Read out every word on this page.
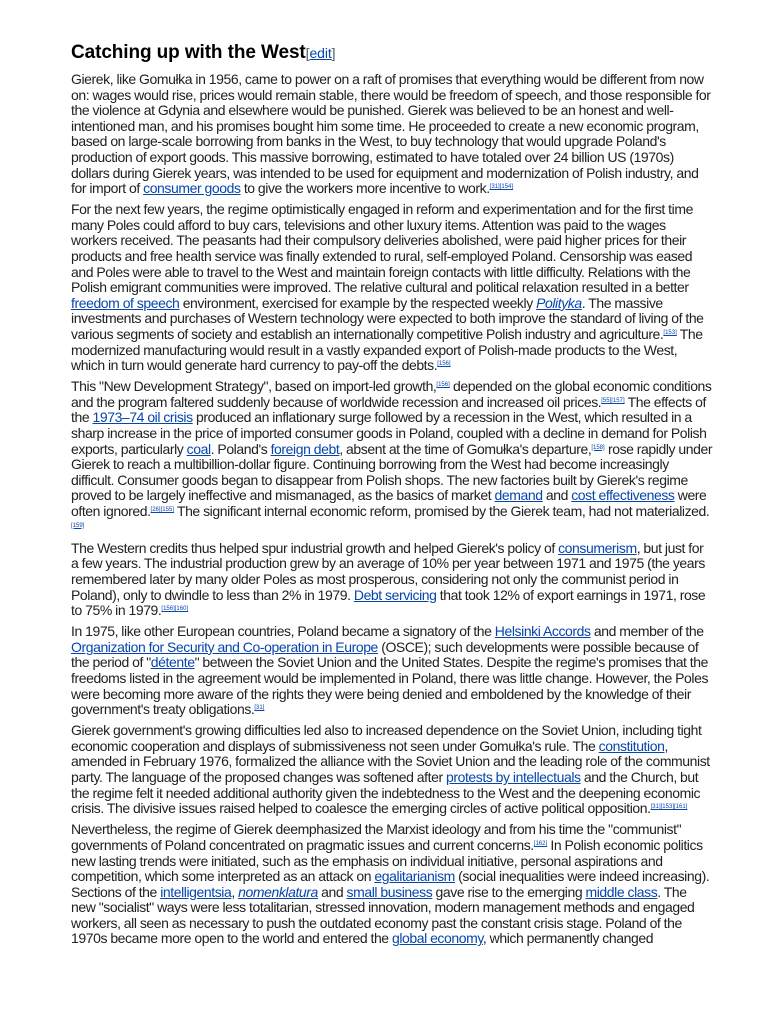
Catching up with the West[edit]

Gierek, like Gomułka in 1956, came to power on a raft of promises that everything would be different from now on: wages would rise, prices would remain stable, there would be freedom of speech, and those responsible for the violence at Gdynia and elsewhere would be punished. Gierek was believed to be an honest and well-intentioned man, and his promises bought him some time. He proceeded to create a new economic program, based on large-scale borrowing from banks in the West, to buy technology that would upgrade Poland's production of export goods. This massive borrowing, estimated to have totaled over 24 billion US (1970s) dollars during Gierek years, was intended to be used for equipment and modernization of Polish industry, and for import of consumer goods to give the workers more incentive to work.[31][154]

For the next few years, the regime optimistically engaged in reform and experimentation and for the first time many Poles could afford to buy cars, televisions and other luxury items. Attention was paid to the wages workers received. The peasants had their compulsory deliveries abolished, were paid higher prices for their products and free health service was finally extended to rural, self-employed Poland. Censorship was eased and Poles were able to travel to the West and maintain foreign contacts with little difficulty. Relations with the Polish emigrant communities were improved. The relative cultural and political relaxation resulted in a better freedom of speech environment, exercised for example by the respected weekly Polityka. The massive investments and purchases of Western technology were expected to both improve the standard of living of the various segments of society and establish an internationally competitive Polish industry and agriculture.[153] The modernized manufacturing would result in a vastly expanded export of Polish-made products to the West, which in turn would generate hard currency to pay-off the debts.[156]

This "New Development Strategy", based on import-led growth,[156] depended on the global economic conditions and the program faltered suddenly because of worldwide recession and increased oil prices.[55][157] The effects of the 1973–74 oil crisis produced an inflationary surge followed by a recession in the West, which resulted in a sharp increase in the price of imported consumer goods in Poland, coupled with a decline in demand for Polish exports, particularly coal. Poland's foreign debt, absent at the time of Gomułka's departure,[158] rose rapidly under Gierek to reach a multibillion-dollar figure. Continuing borrowing from the West had become increasingly difficult. Consumer goods began to disappear from Polish shops. The new factories built by Gierek's regime proved to be largely ineffective and mismanaged, as the basics of market demand and cost effectiveness were often ignored.[26][155] The significant internal economic reform, promised by the Gierek team, had not materialized.[159]

The Western credits thus helped spur industrial growth and helped Gierek's policy of consumerism, but just for a few years. The industrial production grew by an average of 10% per year between 1971 and 1975 (the years remembered later by many older Poles as most prosperous, considering not only the communist period in Poland), only to dwindle to less than 2% in 1979. Debt servicing that took 12% of export earnings in 1971, rose to 75% in 1979.[156][160]

In 1975, like other European countries, Poland became a signatory of the Helsinki Accords and member of the Organization for Security and Co-operation in Europe (OSCE); such developments were possible because of the period of "détente" between the Soviet Union and the United States. Despite the regime's promises that the freedoms listed in the agreement would be implemented in Poland, there was little change. However, the Poles were becoming more aware of the rights they were being denied and emboldened by the knowledge of their government's treaty obligations.[31]

Gierek government's growing difficulties led also to increased dependence on the Soviet Union, including tight economic cooperation and displays of submissiveness not seen under Gomułka's rule. The constitution, amended in February 1976, formalized the alliance with the Soviet Union and the leading role of the communist party. The language of the proposed changes was softened after protests by intellectuals and the Church, but the regime felt it needed additional authority given the indebtedness to the West and the deepening economic crisis. The divisive issues raised helped to coalesce the emerging circles of active political opposition.[31][153][161]

Nevertheless, the regime of Gierek deemphasized the Marxist ideology and from his time the "communist" governments of Poland concentrated on pragmatic issues and current concerns.[162] In Polish economic politics new lasting trends were initiated, such as the emphasis on individual initiative, personal aspirations and competition, which some interpreted as an attack on egalitarianism (social inequalities were indeed increasing). Sections of the intelligentsia, nomenklatura and small business gave rise to the emerging middle class. The new "socialist" ways were less totalitarian, stressed innovation, modern management methods and engaged workers, all seen as necessary to push the outdated economy past the constant crisis stage. Poland of the 1970s became more open to the world and entered the global economy, which permanently changed
